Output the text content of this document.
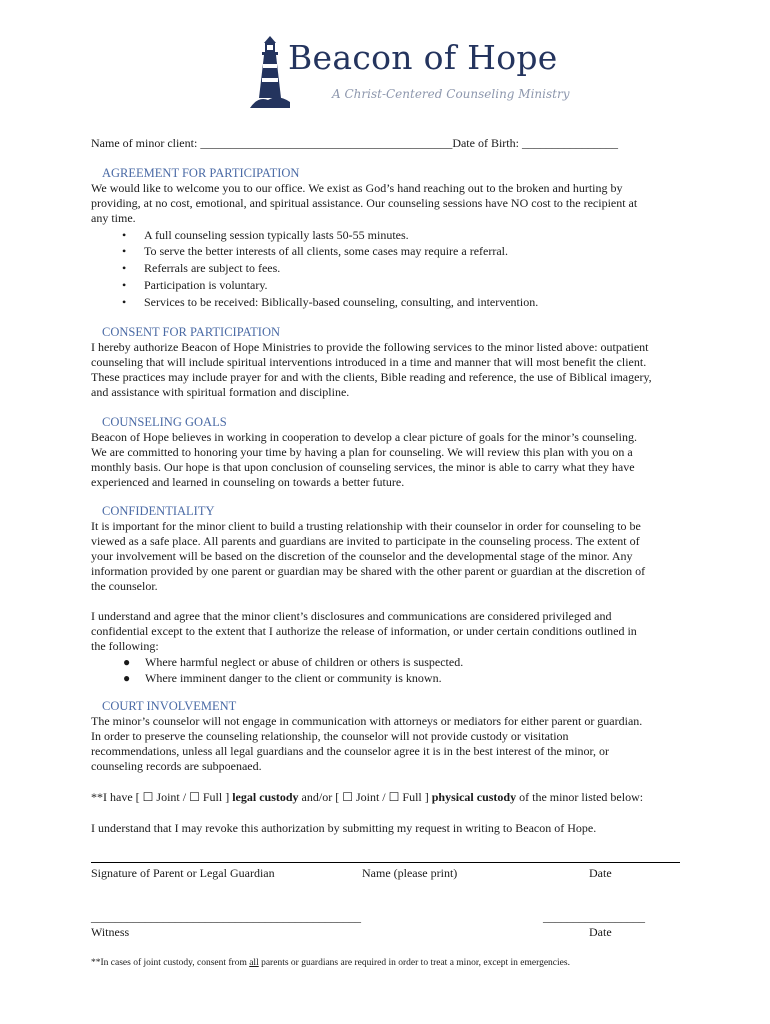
Beacon of Hope
A Christ-Centered Counseling Ministry
Name of minor client: __________________________________________Date of Birth: ________________
AGREEMENT FOR PARTICIPATION
We would like to welcome you to our office. We exist as God’s hand reaching out to the broken and hurting by
providing, at no cost, emotional, and spiritual assistance. Our counseling sessions have NO cost to the recipient at
any time.
• A full counseling session typically lasts 50-55 minutes.
• To serve the better interests of all clients, some cases may require a referral.
• Referrals are subject to fees.
• Participation is voluntary.
• Services to be received: Biblically-based counseling, consulting, and intervention.
CONSENT FOR PARTICIPATION
I hereby authorize Beacon of Hope Ministries to provide the following services to the minor listed above: outpatient
counseling that will include spiritual interventions introduced in a time and manner that will most benefit the client.
These practices may include prayer for and with the clients, Bible reading and reference, the use of Biblical imagery,
and assistance with spiritual formation and discipline.
COUNSELING GOALS
Beacon of Hope believes in working in cooperation to develop a clear picture of goals for the minor’s counseling.
We are committed to honoring your time by having a plan for counseling. We will review this plan with you on a
monthly basis. Our hope is that upon conclusion of counseling services, the minor is able to carry what they have
experienced and learned in counseling on towards a better future.
CONFIDENTIALITY
It is important for the minor client to build a trusting relationship with their counselor in order for counseling to be
viewed as a safe place. All parents and guardians are invited to participate in the counseling process. The extent of
your involvement will be based on the discretion of the counselor and the developmental stage of the minor. Any
information provided by one parent or guardian may be shared with the other parent or guardian at the discretion of
the counselor.
I understand and agree that the minor client’s disclosures and communications are considered privileged and
confidential except to the extent that I authorize the release of information, or under certain conditions outlined in
the following:
● Where harmful neglect or abuse of children or others is suspected.
● Where imminent danger to the client or community is known.
COURT INVOLVEMENT
The minor’s counselor will not engage in communication with attorneys or mediators for either parent or guardian.
In order to preserve the counseling relationship, the counselor will not provide custody or visitation
recommendations, unless all legal guardians and the counselor agree it is in the best interest of the minor, or
counseling records are subpoenaed.
**I have [ ☐ Joint / ☐ Full ] legal custody and/or [ ☐ Joint / ☐ Full ] physical custody of the minor listed below:
I understand that I may revoke this authorization by submitting my request in writing to Beacon of Hope.
Signature of Parent or Legal Guardian	Name (please print)	Date
_____________________________________________	_________________
Witness	Date
**In cases of joint custody, consent from all parents or guardians are required in order to treat a minor, except in emergencies.
